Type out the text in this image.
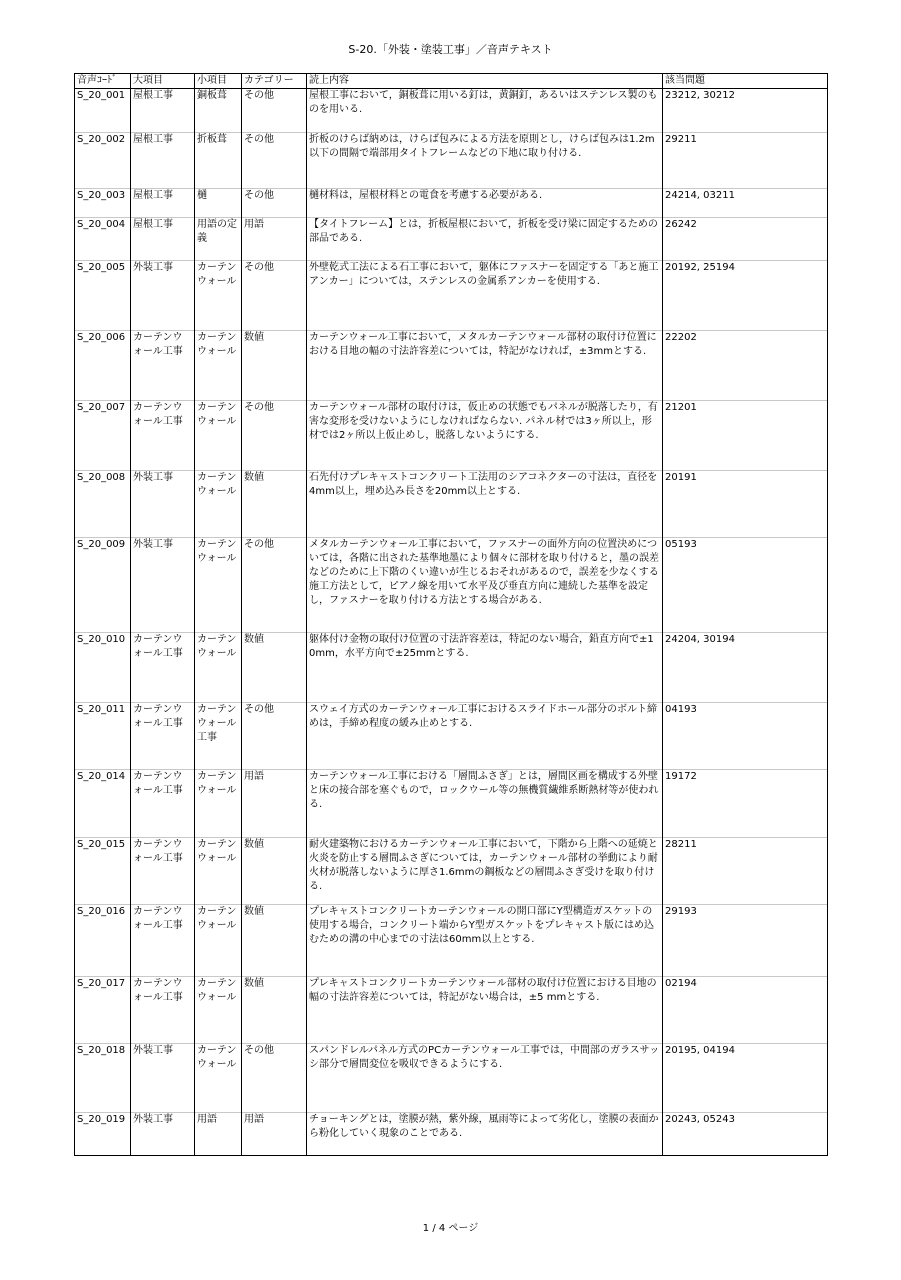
S-20.「外装・塗装工事」／音声テキスト
音声ｺｰﾄﾞ	大項目	小項目	カテゴリー	読上内容	該当問題
S_20_001	屋根工事	銅板葺	その他	屋根工事において，銅板葺に用いる釘は，黄銅釘，あるいはステンレス製のものを用いる.	23212, 30212
S_20_002	屋根工事	折板葺	その他	折板のけらば納めは，けらば包みによる方法を原則とし，けらば包みは1.2m以下の間隔で端部用タイトフレームなどの下地に取り付ける.	29211
S_20_003	屋根工事	樋	その他	樋材料は，屋根材料との電食を考慮する必要がある.	24214, 03211
S_20_004	屋根工事	用語の定義	用語	【タイトフレーム】とは，折板屋根において，折板を受け梁に固定するための部品である.	26242
S_20_005	外装工事	カーテンウォール	その他	外壁乾式工法による石工事において，躯体にファスナーを固定する「あと施工アンカー」については，ステンレスの金属系アンカーを使用する.	20192, 25194
S_20_006	カーテンウォール工事	カーテンウォール	数値	カーテンウォール工事において，メタルカーテンウォール部材の取付け位置における目地の幅の寸法許容差については，特記がなければ，±3mmとする.	22202
S_20_007	カーテンウォール工事	カーテンウォール	その他	カーテンウォール部材の取付けは，仮止めの状態でもパネルが脱落したり，有害な変形を受けないようにしなければならない. パネル材では3ヶ所以上，形材では2ヶ所以上仮止めし，脱落しないようにする.	21201
S_20_008	外装工事	カーテンウォール	数値	石先付けプレキャストコンクリート工法用のシアコネクターの寸法は，直径を4mm以上，埋め込み長さを20mm以上とする.	20191
S_20_009	外装工事	カーテンウォール	その他	メタルカーテンウォール工事において，ファスナーの面外方向の位置決めについては，各階に出された基準地墨により個々に部材を取り付けると，墨の誤差などのために上下階のくい違いが生じるおそれがあるので，誤差を少なくする施工方法として，ピアノ線を用いて水平及び垂直方向に連続した基準を設定し，ファスナーを取り付ける方法とする場合がある.	05193
S_20_010	カーテンウォール工事	カーテンウォール	数値	躯体付け金物の取付け位置の寸法許容差は，特記のない場合，鉛直方向で±10mm，水平方向で±25mmとする.	24204, 30194
S_20_011	カーテンウォール工事	カーテンウォール工事	その他	スウェイ方式のカーテンウォール工事におけるスライドホール部分のボルト締めは，手締め程度の緩み止めとする.	04193
S_20_014	カーテンウォール工事	カーテンウォール	用語	カーテンウォール工事における「層間ふさぎ」とは，層間区画を構成する外壁と床の接合部を塞ぐもので，ロックウール等の無機質繊維系断熱材等が使われる.	19172
S_20_015	カーテンウォール工事	カーテンウォール	数値	耐火建築物におけるカーテンウォール工事において，下階から上階への延焼と火炎を防止する層間ふさぎについては，カーテンウォール部材の挙動により耐火材が脱落しないように厚さ1.6mmの鋼板などの層間ふさぎ受けを取り付ける.	28211
S_20_016	カーテンウォール工事	カーテンウォール	数値	プレキャストコンクリートカーテンウォールの開口部にY型構造ガスケットの使用する場合，コンクリート端からY型ガスケットをプレキャスト版にはめ込むための溝の中心までの寸法は60mm以上とする.	29193
S_20_017	カーテンウォール工事	カーテンウォール	数値	プレキャストコンクリートカーテンウォール部材の取付け位置における目地の幅の寸法許容差については，特記がない場合は，±5 mmとする.	02194
S_20_018	外装工事	カーテンウォール	その他	スパンドレルパネル方式のPCカーテンウォール工事では，中間部のガラスサッシ部分で層間変位を吸収できるようにする.	20195, 04194
S_20_019	外装工事	用語	用語	チョーキングとは，塗膜が熱，紫外線，風雨等によって劣化し，塗膜の表面から粉化していく現象のことである.	20243, 05243
1 / 4 ページ
